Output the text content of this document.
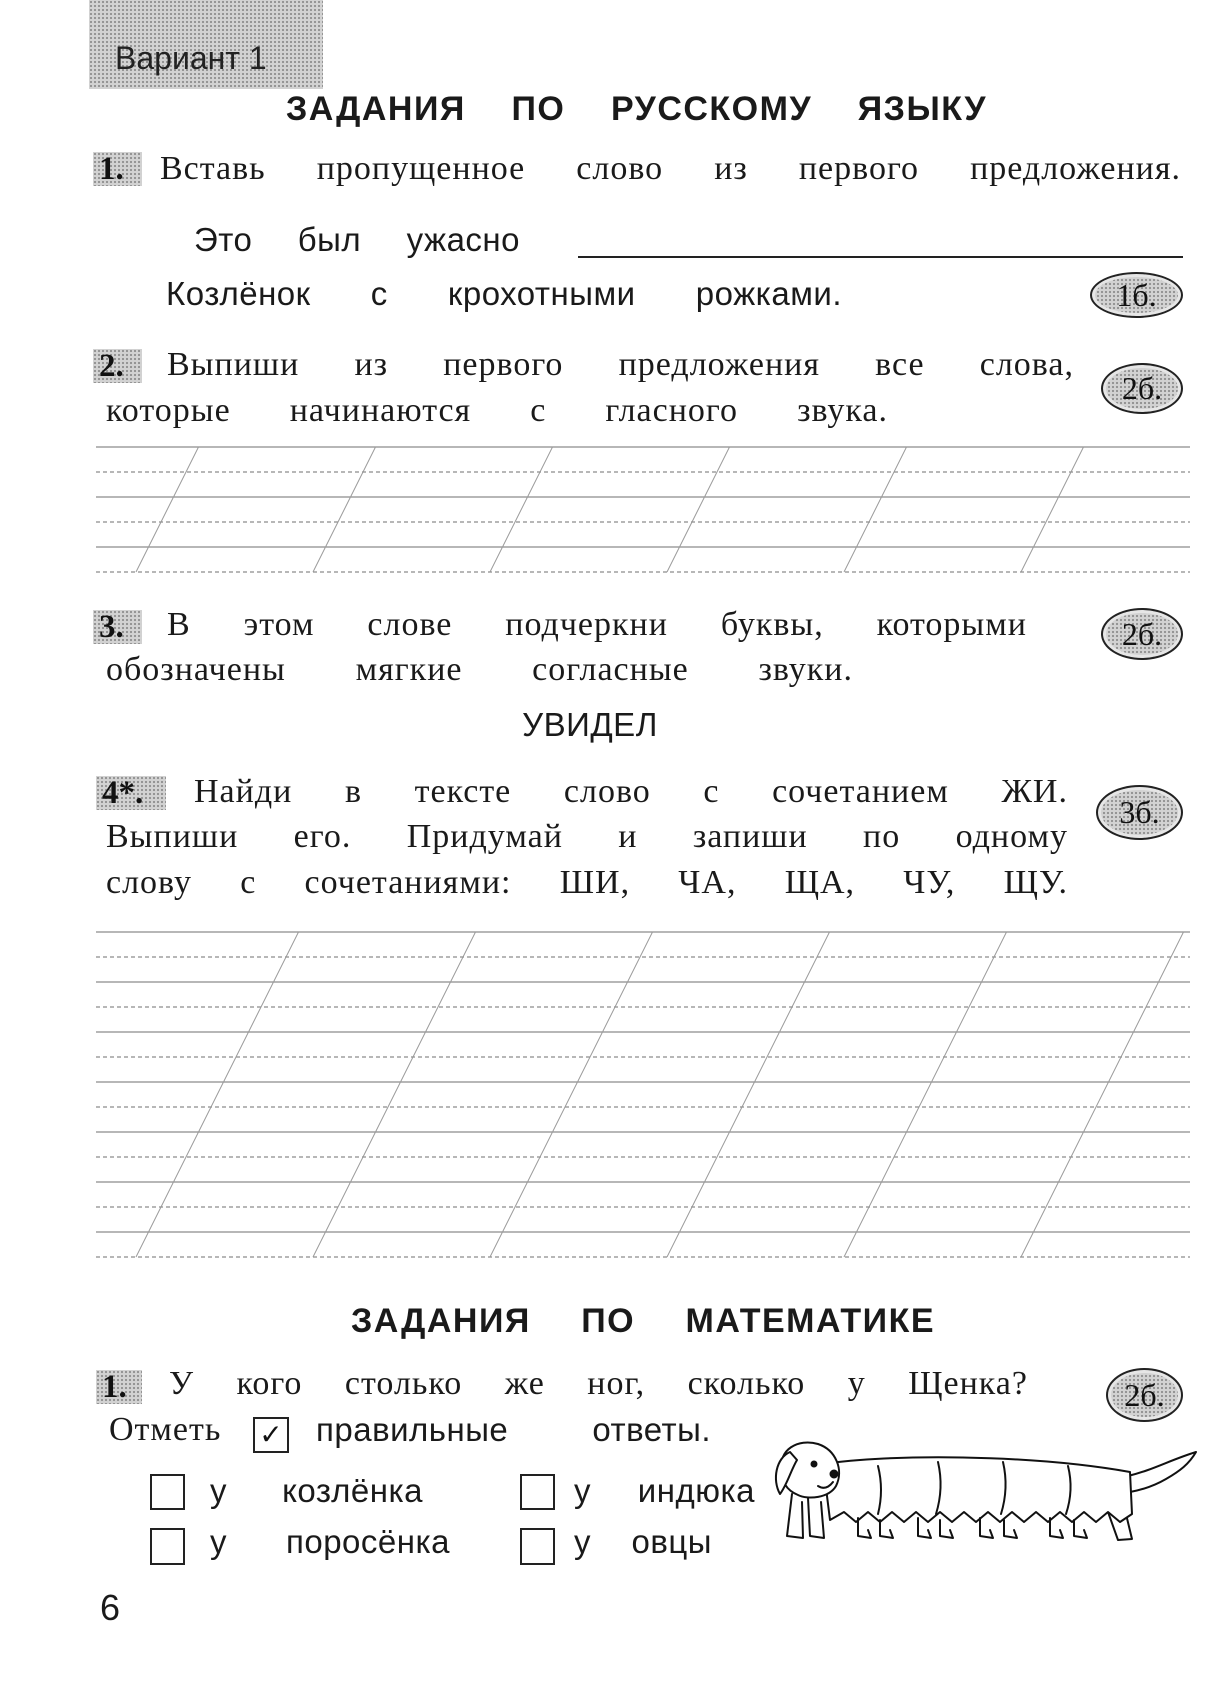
Вариант 1
ЗАДАНИЯ ПО РУССКОМУ ЯЗЫКУ
1.	Вставь пропущенное слово из первого предложения.
Это был ужасно
Козлёнок с крохотными рожками.	1б.
2.	Выпиши из первого предложения все слова,
которые начинаются с гласного звука.
2б.
3.	В этом слове подчеркни буквы, которыми
обозначены мягкие согласные звуки.
2б.
УВИДЕЛ
4*.	Найди в тексте слово с сочетанием ЖИ.
Выпиши его. Придумай и запиши по одному
слову с сочетаниями: ШИ, ЧА, ЩА, ЧУ, ЩУ.
3б.
ЗАДАНИЯ ПО МАТЕМАТИКЕ
1.	У кого столько же ног, сколько у Щенка?	2б.
Отметь	✓ правильные ответы.
у козлёнка	у индюка
у поросёнка	у овцы
6
